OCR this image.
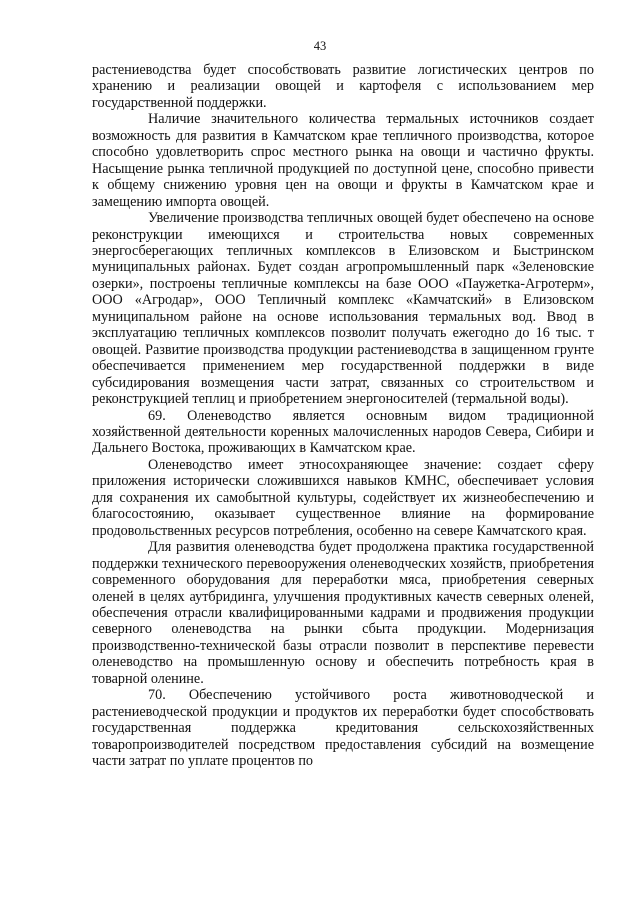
43

растениеводства будет способствовать развитие логистических центров по хранению и реализации овощей и картофеля с использованием мер государственной поддержки.

Наличие значительного количества термальных источников создает возможность для развития в Камчатском крае тепличного производства, которое способно удовлетворить спрос местного рынка на овощи и частично фрукты. Насыщение рынка тепличной продукцией по доступной цене, способно привести к общему снижению уровня цен на овощи и фрукты в Камчатском крае и замещению импорта овощей.

Увеличение производства тепличных овощей будет обеспечено на основе реконструкции имеющихся и строительства новых современных энергосберегающих тепличных комплексов в Елизовском и Быстринском муниципальных районах. Будет создан агропромышленный парк «Зеленовские озерки», построены тепличные комплексы на базе ООО «Паужетка-Агротерм», ООО «Агродар», ООО Тепличный комплекс «Камчатский» в Елизовском муниципальном районе на основе использования термальных вод. Ввод в эксплуатацию тепличных комплексов позволит получать ежегодно до 16 тыс. т овощей. Развитие производства продукции растениеводства в защищенном грунте обеспечивается применением мер государственной поддержки в виде субсидирования возмещения части затрат, связанных со строительством и реконструкцией теплиц и приобретением энергоносителей (термальной воды).

69. Оленеводство является основным видом традиционной хозяйственной деятельности коренных малочисленных народов Севера, Сибири и Дальнего Востока, проживающих в Камчатском крае.

Оленеводство имеет этносохраняющее значение: создает сферу приложения исторически сложившихся навыков КМНС, обеспечивает условия для сохранения их самобытной культуры, содействует их жизнеобеспечению и благосостоянию, оказывает существенное влияние на формирование продовольственных ресурсов потребления, особенно на севере Камчатского края.

Для развития оленеводства будет продолжена практика государственной поддержки технического перевооружения оленеводческих хозяйств, приобретения современного оборудования для переработки мяса, приобретения северных оленей в целях аутбридинга, улучшения продуктивных качеств северных оленей, обеспечения отрасли квалифицированными кадрами и продвижения продукции северного оленеводства на рынки сбыта продукции. Модернизация производственно-технической базы отрасли позволит в перспективе перевести оленеводство на промышленную основу и обеспечить потребность края в товарной оленине.

70. Обеспечению устойчивого роста животноводческой и растениеводческой продукции и продуктов их переработки будет способствовать государственная поддержка кредитования сельскохозяйственных товаропроизводителей посредством предоставления субсидий на возмещение части затрат по уплате процентов по
